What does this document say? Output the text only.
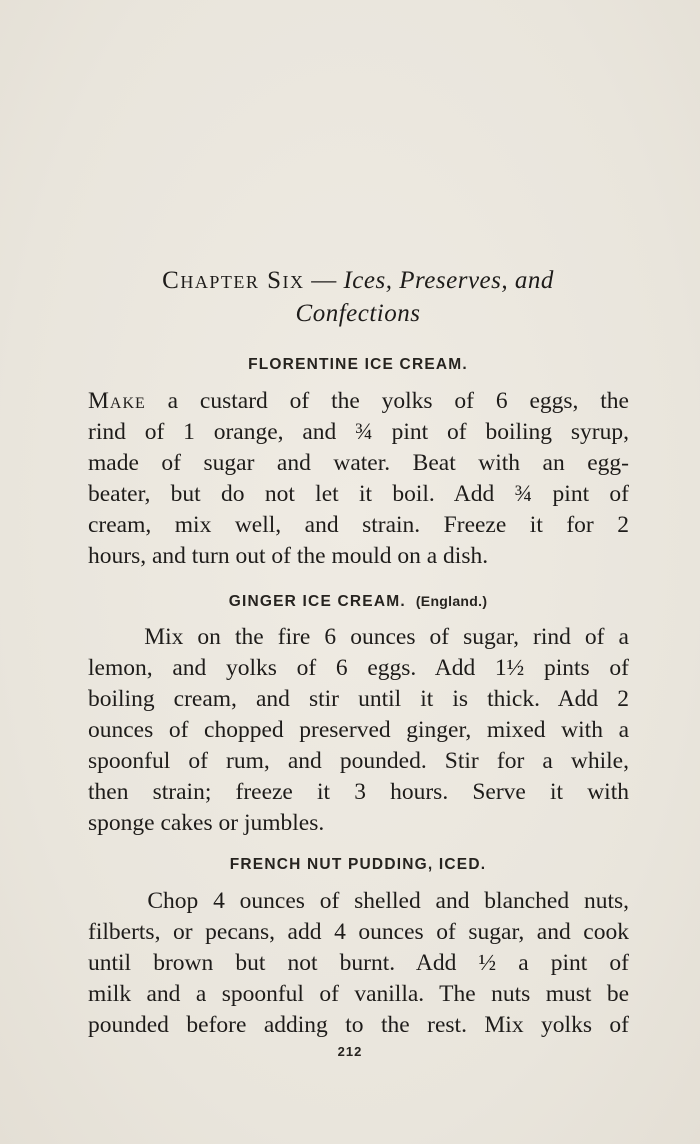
Chapter Six — Ices, Preserves, and
Confections
FLORENTINE ICE CREAM.
Make a custard of the yolks of 6 eggs, the
rind of 1 orange, and ¾ pint of boiling syrup,
made of sugar and water. Beat with an egg-
beater, but do not let it boil. Add ¾ pint of
cream, mix well, and strain. Freeze it for 2
hours, and turn out of the mould on a dish.
GINGER ICE CREAM. (England.)
Mix on the fire 6 ounces of sugar, rind of a
lemon, and yolks of 6 eggs. Add 1½ pints of
boiling cream, and stir until it is thick. Add 2
ounces of chopped preserved ginger, mixed with a
spoonful of rum, and pounded. Stir for a while,
then strain; freeze it 3 hours. Serve it with
sponge cakes or jumbles.
FRENCH NUT PUDDING, ICED.
Chop 4 ounces of shelled and blanched nuts,
filberts, or pecans, add 4 ounces of sugar, and cook
until brown but not burnt. Add ½ a pint of
milk and a spoonful of vanilla. The nuts must be
pounded before adding to the rest. Mix yolks of
212
